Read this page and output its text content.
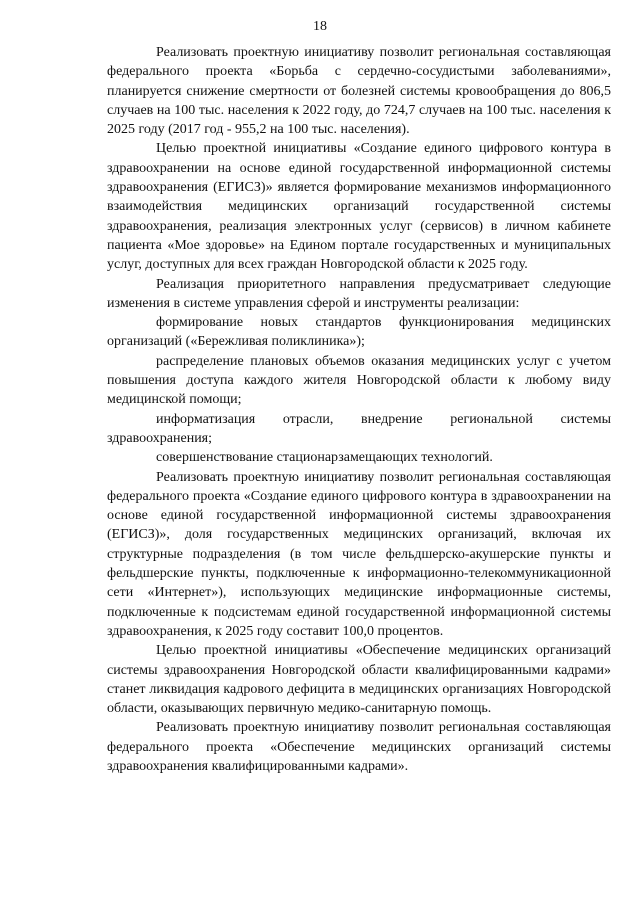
18

Реализовать проектную инициативу позволит региональная составляющая федерального проекта «Борьба с сердечно-сосудистыми заболеваниями», планируется снижение смертности от болезней системы кровообращения до 806,5 случаев на 100 тыс. населения к 2022 году, до 724,7 случаев на 100 тыс. населения к 2025 году (2017 год - 955,2 на 100 тыс. населения).

Целью проектной инициативы «Создание единого цифрового контура в здравоохранении на основе единой государственной информационной системы здравоохранения (ЕГИСЗ)» является формирование механизмов информационного взаимодействия медицинских организаций государственной системы здравоохранения, реализация электронных услуг (сервисов) в личном кабинете пациента «Мое здоровье» на Едином портале государственных и муниципальных услуг, доступных для всех граждан Новгородской области к 2025 году.

Реализация приоритетного направления предусматривает следующие изменения в системе управления сферой и инструменты реализации:

формирование новых стандартов функционирования медицинских организаций («Бережливая поликлиника»);

распределение плановых объемов оказания медицинских услуг с учетом повышения доступа каждого жителя Новгородской области к любому виду медицинской помощи;

информатизация отрасли, внедрение региональной системы здравоохранения;

совершенствование стационарзамещающих технологий.

Реализовать проектную инициативу позволит региональная составляющая федерального проекта «Создание единого цифрового контура в здравоохранении на основе единой государственной информационной системы здравоохранения (ЕГИСЗ)», доля государственных медицинских организаций, включая их структурные подразделения (в том числе фельдшерско-акушерские пункты и фельдшерские пункты, подключенные к информационно-телекоммуникационной сети «Интернет»), использующих медицинские информационные системы, подключенные к подсистемам единой государственной информационной системы здравоохранения, к 2025 году составит 100,0 процентов.

Целью проектной инициативы «Обеспечение медицинских организаций системы здравоохранения Новгородской области квалифицированными кадрами» станет ликвидация кадрового дефицита в медицинских организациях Новгородской области, оказывающих первичную медико-санитарную помощь.

Реализовать проектную инициативу позволит региональная составляющая федерального проекта «Обеспечение медицинских организаций системы здравоохранения квалифицированными кадрами».
